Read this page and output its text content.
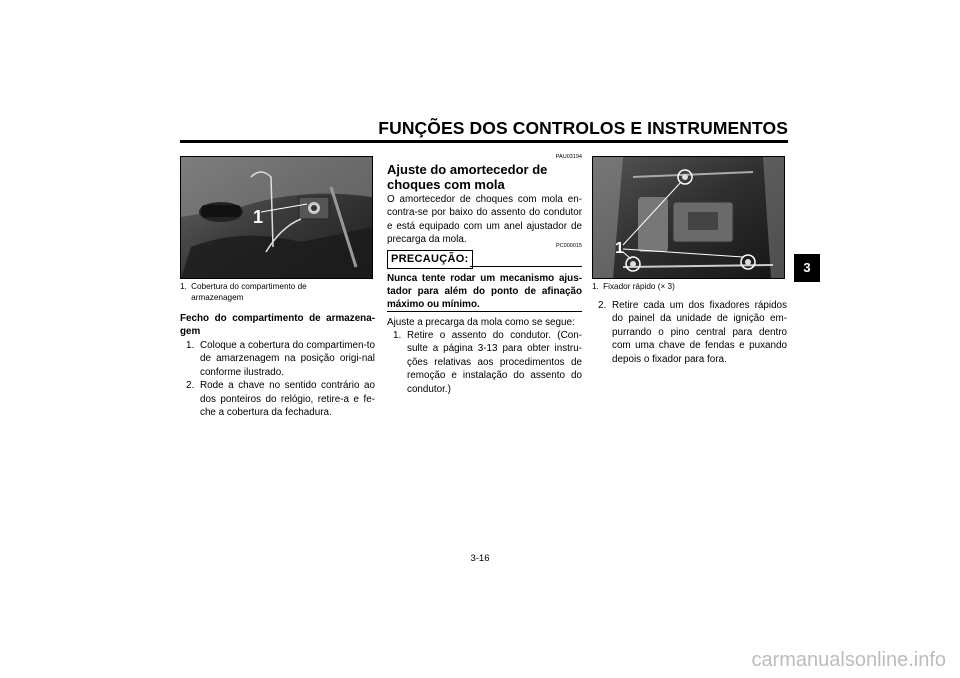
FUNÇÕES DOS CONTROLOS E INSTRUMENTOS
3
1
1. Cobertura do compartimento de armazenagem
Fecho do compartimento de armazena-gem
1. Coloque a cobertura do compartimen-to de amarzenagem na posição origi-nal conforme ilustrado.
2. Rode a chave no sentido contrário ao dos ponteiros do relógio, retire-a e fe-che a cobertura da fechadura.
PAU03194
Ajuste do amortecedor de choques com mola
O amortecedor de choques com mola en-contra-se por baixo do assento do condutor e está equipado com um anel ajustador de precarga da mola.
PC000015
PRECAUÇÃO:
Nunca tente rodar um mecanismo ajus-tador para além do ponto de afinação máximo ou mínimo.
Ajuste a precarga da mola como se segue:
1. Retire o assento do condutor. (Con-sulte a página 3-13 para obter instru-ções relativas aos procedimentos de remoção e instalação do assento do condutor.)
1
1. Fixador rápido (× 3)
2. Retire cada um dos fixadores rápidos do painel da unidade de ignição em-purrando o pino central para dentro com uma chave de fendas e puxando depois o fixador para fora.
3-16
carmanualsonline.info
